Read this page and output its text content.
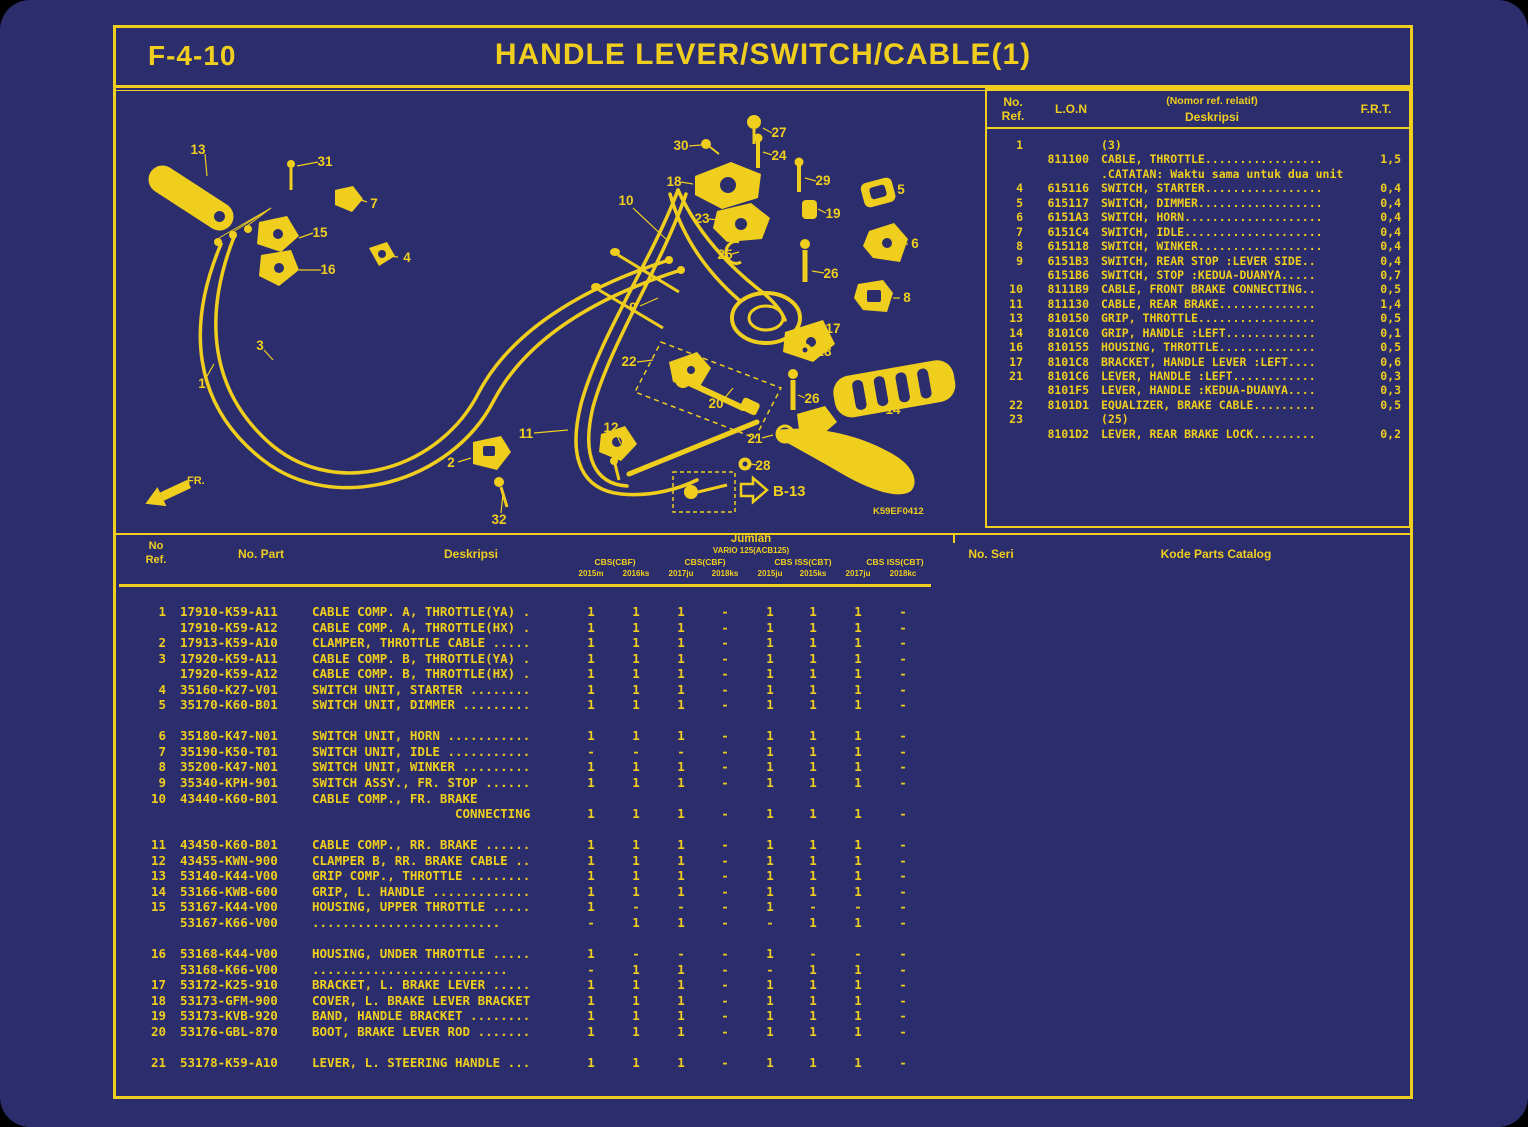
F-4-10	HANDLE LEVER/SWITCH/CABLE(1)
B-13
FR.
K59EF0412
13
31
7
15
16
4
3
1
2
32
11	12
10
9
22
20
30
27
24
18	29
23	19
5
25
6
26
8
17
28
26
14
21
28
No.
Ref.	L.O.N
(Nomor ref. relatif)
Deskripsi
F.R.T.
1	(3)
811100 CABLE, THROTTLE.................	1,5
.CATATAN: Waktu sama untuk dua unit
4	615116 SWITCH, STARTER.................	0,4
5	615117 SWITCH, DIMMER..................	0,4
6	6151A3 SWITCH, HORN....................	0,4
7	6151C4 SWITCH, IDLE....................	0,4
8	615118 SWITCH, WINKER..................	0,4
9	6151B3 SWITCH, REAR STOP :LEVER SIDE..	0,4
6151B6 SWITCH, STOP :KEDUA-DUANYA.....	0,7
10	8111B9 CABLE, FRONT BRAKE CONNECTING..	0,5
11	811130 CABLE, REAR BRAKE..............	1,4
13	810150 GRIP, THROTTLE.................	0,5
14	8101C0 GRIP, HANDLE :LEFT.............	0,1
16	810155 HOUSING, THROTTLE..............	0,5
17	8101C8 BRACKET, HANDLE LEVER :LEFT....	0,6
21	8101C6 LEVER, HANDLE :LEFT............	0,3
8101F5 LEVER, HANDLE :KEDUA-DUANYA....	0,3
22	8101D1 EQUALIZER, BRAKE CABLE.........	0,5
23	(25)
8101D2 LEVER, REAR BRAKE LOCK.........	0,2
No
Ref.	No. Part	Deskripsi
Jumlah
VARIO 125(ACB125)
CBS(CBF)	CBS(CBF)	CBS ISS(CBT)	CBS ISS(CBT)
2015m	2016ks	2017ju	2018ks	2015ju	2015ks	2017ju	2018kc
No. Seri	Kode Parts Catalog
1 17910-K59-A11	CABLE COMP. A, THROTTLE(YA) .	1	1	1	-	1	1	1	-
17910-K59-A12	CABLE COMP. A, THROTTLE(HX) .	1	1	1	-	1	1	1	-
2 17913-K59-A10	CLAMPER, THROTTLE CABLE .....	1	1	1	-	1	1	1	-
3 17920-K59-A11	CABLE COMP. B, THROTTLE(YA) .	1	1	1	-	1	1	1	-
17920-K59-A12	CABLE COMP. B, THROTTLE(HX) .	1	1	1	-	1	1	1	-
4 35160-K27-V01	SWITCH UNIT, STARTER ........	1	1	1	-	1	1	1	-
5 35170-K60-B01	SWITCH UNIT, DIMMER .........	1	1	1	-	1	1	1	-
6 35180-K47-N01	SWITCH UNIT, HORN ...........	1	1	1	-	1	1	1	-
7 35190-K50-T01	SWITCH UNIT, IDLE ...........	-	-	-	-	1	1	1	-
8 35200-K47-N01	SWITCH UNIT, WINKER .........	1	1	1	-	1	1	1	-
9 35340-KPH-901	SWITCH ASSY., FR. STOP ......	1	1	1	-	1	1	1	-
10 43440-K60-B01	CABLE COMP., FR. BRAKE
CONNECTING	1	1	1	-	1	1	1	-
11 43450-K60-B01	CABLE COMP., RR. BRAKE ......	1	1	1	-	1	1	1	-
12 43455-KWN-900	CLAMPER B, RR. BRAKE CABLE ..	1	1	1	-	1	1	1	-
13 53140-K44-V00	GRIP COMP., THROTTLE ........	1	1	1	-	1	1	1	-
14 53166-KWB-600	GRIP, L. HANDLE .............	1	1	1	-	1	1	1	-
15 53167-K44-V00	HOUSING, UPPER THROTTLE .....	1	-	-	-	1	-	-	-
53167-K66-V00	.........................	-	1	1	-	-	1	1	-
16 53168-K44-V00	HOUSING, UNDER THROTTLE .....	1	-	-	-	1	-	-	-
53168-K66-V00	..........................	-	1	1	-	-	1	1	-
17 53172-K25-910	BRACKET, L. BRAKE LEVER .....	1	1	1	-	1	1	1	-
18 53173-GFM-900	COVER, L. BRAKE LEVER BRACKET	1	1	1	-	1	1	1	-
19 53173-KVB-920	BAND, HANDLE BRACKET ........	1	1	1	-	1	1	1	-
20 53176-GBL-870	BOOT, BRAKE LEVER ROD .......	1	1	1	-	1	1	1	-
21 53178-K59-A10	LEVER, L. STEERING HANDLE ...	1	1	1	-	1	1	1	-
